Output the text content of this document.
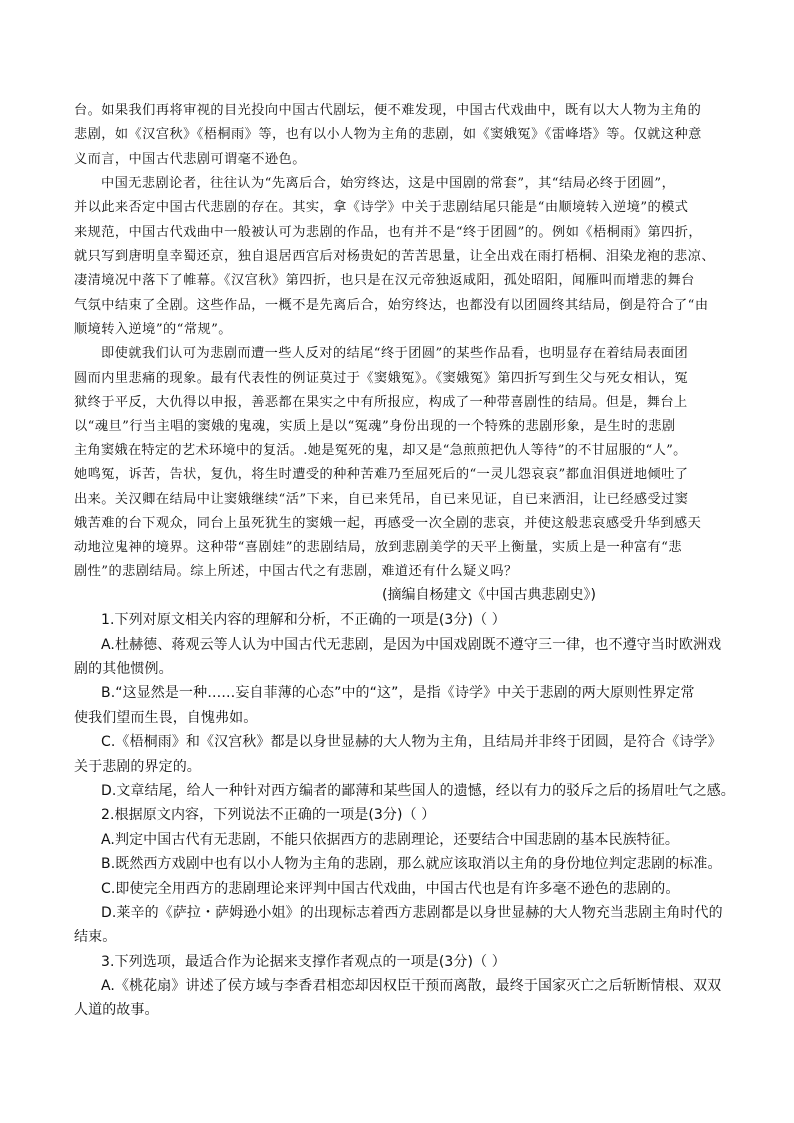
台。如果我们再将审视的目光投向中国古代剧坛，便不难发现，中国古代戏曲中，既有以大人物为主角的
悲剧，如《汉宫秋》《梧桐雨》等，也有以小人物为主角的悲剧，如《窦娥冤》《雷峰塔》等。仅就这种意
义而言，中国古代悲剧可谓毫不逊色。
中国无悲剧论者，往往认为“先离后合，始穷终达，这是中国剧的常套”，其“结局必终于团圆”，
并以此来否定中国古代悲剧的存在。其实，拿《诗学》中关于悲剧结尾只能是“由顺境转入逆境”的模式
来规范，中国古代戏曲中一般被认可为悲剧的作品，也有并不是“终于团圆”的。例如《梧桐雨》第四折，
就只写到唐明皇幸蜀还京，独自退居西宫后对杨贵妃的苦苦思量，让全出戏在雨打梧桐、泪染龙袍的悲凉、
凄清境况中落下了帷幕。《汉宫秋》第四折，也只是在汉元帝独返咸阳，孤处昭阳，闻雁叫而增悲的舞台
气氛中结束了全剧。这些作品，一概不是先离后合，始穷终达，也都没有以团圆终其结局，倒是符合了“由
顺境转入逆境”的“常规”。
即使就我们认可为悲剧而遭一些人反对的结尾“终于团圆”的某些作品看，也明显存在着结局表面团
圆而内里悲痛的现象。最有代表性的例证莫过于《窦娥冤》。《窦娥冤》第四折写到生父与死女相认，冤
狱终于平反，大仇得以申报，善恶都在果实之中有所报应，构成了一种带喜剧性的结局。但是，舞台上
以“魂旦”行当主唱的窦娥的鬼魂，实质上是以“冤魂”身份出现的一个特殊的悲剧形象，是生时的悲剧
主角窦娥在特定的艺术环境中的复活。.她是冤死的鬼，却又是“急煎煎把仇人等待”的不甘屈服的“人”。
她鸣冤，诉苦，告状，复仇，将生时遭受的种种苦难乃至屈死后的“一灵儿怨哀哀”都血泪俱迸地倾吐了
出来。关汉卿在结局中让窦娥继续“活”下来，自已来凭吊，自已来见证，自已来洒泪，让已经感受过窦
娥苦难的台下观众，同台上虽死犹生的窦娥一起，再感受一次全剧的悲哀，并使这般悲哀感受升华到感天
动地泣鬼神的境界。这种带“喜剧娃”的悲剧结局，放到悲剧美学的天平上衡量，实质上是一种富有“悲
剧性”的悲剧结局。综上所述，中国古代之有悲剧，难道还有什么疑义吗？
(摘编自杨建文《中国古典悲剧史》)
1.下列对原文相关内容的理解和分析，不正确的一项是(3分)（ ）
A.杜赫德、蒋观云等人认为中国古代无悲剧，是因为中国戏剧既不遵守三一律，也不遵守当时欧洲戏
剧的其他惯例。
B.“这显然是一种……妄自菲薄的心态”中的“这”，是指《诗学》中关于悲剧的两大原则性界定常
使我们望而生畏，自愧弗如。
C.《梧桐雨》和《汉宫秋》都是以身世显赫的大人物为主角，且结局并非终于团圆，是符合《诗学》
关于悲剧的界定的。
D.文章结尾，给人一种针对西方编者的鄙薄和某些国人的遗憾，经以有力的驳斥之后的扬眉吐气之感。
2.根据原文内容，下列说法不正确的一项是(3分)（ ）
A.判定中国古代有无悲剧，不能只依据西方的悲剧理论，还要结合中国悲剧的基本民族特征。
B.既然西方戏剧中也有以小人物为主角的悲剧，那么就应该取消以主角的身份地位判定悲剧的标准。
C.即使完全用西方的悲剧理论来评判中国古代戏曲，中国古代也是有许多毫不逊色的悲剧的。
D.莱辛的《萨拉・萨姆逊小姐》的出现标志着西方悲剧都是以身世显赫的大人物充当悲剧主角时代的
结束。
3.下列选项，最适合作为论据来支撑作者观点的一项是(3分)（ ）
A.《桃花扇》讲述了侯方域与李香君相恋却因权臣干预而离散，最终于国家灭亡之后斩断情根、双双
人道的故事。
